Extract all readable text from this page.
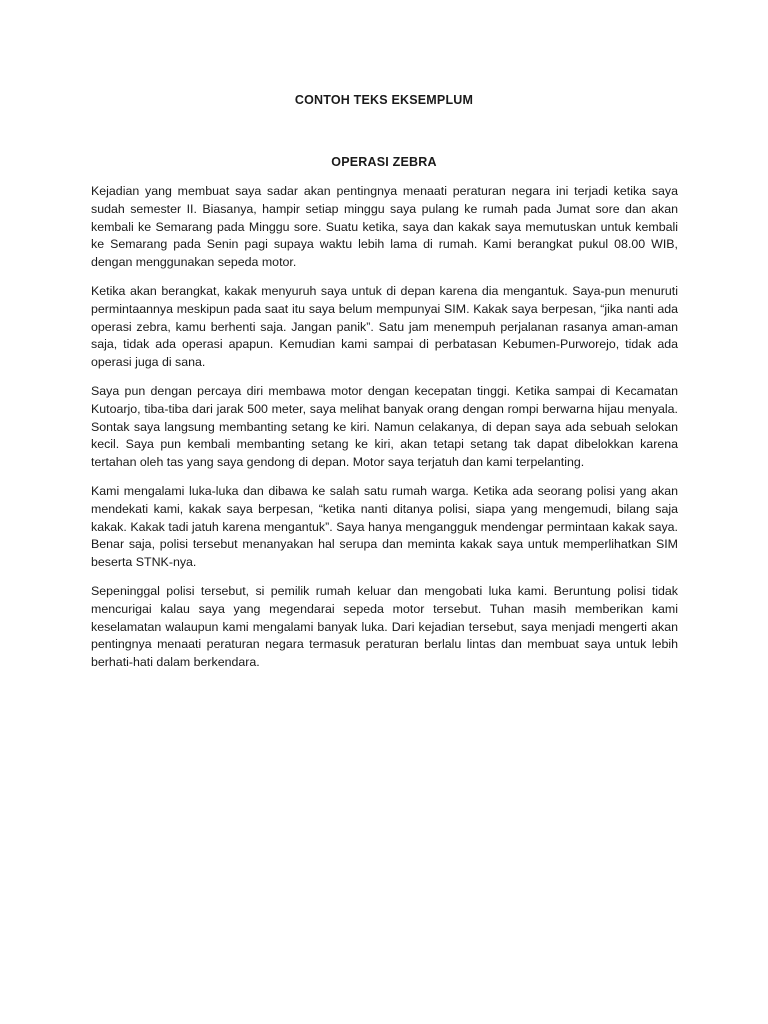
CONTOH TEKS EKSEMPLUM
OPERASI ZEBRA

Kejadian yang membuat saya sadar akan pentingnya menaati peraturan negara ini terjadi ketika saya sudah semester II. Biasanya, hampir setiap minggu saya pulang ke rumah pada Jumat sore dan akan kembali ke Semarang pada Minggu sore. Suatu ketika, saya dan kakak saya memutuskan untuk kembali ke Semarang pada Senin pagi supaya waktu lebih lama di rumah. Kami berangkat pukul 08.00 WIB, dengan menggunakan sepeda motor.

Ketika akan berangkat, kakak menyuruh saya untuk di depan karena dia mengantuk. Saya-pun menuruti permintaannya meskipun pada saat itu saya belum mempunyai SIM. Kakak saya berpesan, “jika nanti ada operasi zebra, kamu berhenti saja. Jangan panik”. Satu jam menempuh perjalanan rasanya aman-aman saja, tidak ada operasi apapun. Kemudian kami sampai di perbatasan Kebumen-Purworejo, tidak ada operasi juga di sana.

Saya pun dengan percaya diri membawa motor dengan kecepatan tinggi. Ketika sampai di Kecamatan Kutoarjo, tiba-tiba dari jarak 500 meter, saya melihat banyak orang dengan rompi berwarna hijau menyala. Sontak saya langsung membanting setang ke kiri. Namun celakanya, di depan saya ada sebuah selokan kecil. Saya pun kembali membanting setang ke kiri, akan tetapi setang tak dapat dibelokkan karena tertahan oleh tas yang saya gendong di depan. Motor saya terjatuh dan kami terpelanting.

Kami mengalami luka-luka dan dibawa ke salah satu rumah warga. Ketika ada seorang polisi yang akan mendekati kami, kakak saya berpesan, “ketika nanti ditanya polisi, siapa yang mengemudi, bilang saja kakak. Kakak tadi jatuh karena mengantuk”. Saya hanya mengangguk mendengar permintaan kakak saya. Benar saja, polisi tersebut menanyakan hal serupa dan meminta kakak saya untuk memperlihatkan SIM beserta STNK-nya.

Sepeninggal polisi tersebut, si pemilik rumah keluar dan mengobati luka kami. Beruntung polisi tidak mencurigai kalau saya yang megendarai sepeda motor tersebut. Tuhan masih memberikan kami keselamatan walaupun kami mengalami banyak luka. Dari kejadian tersebut, saya menjadi mengerti akan pentingnya menaati peraturan negara termasuk peraturan berlalu lintas dan membuat saya untuk lebih berhati-hati dalam berkendara.
